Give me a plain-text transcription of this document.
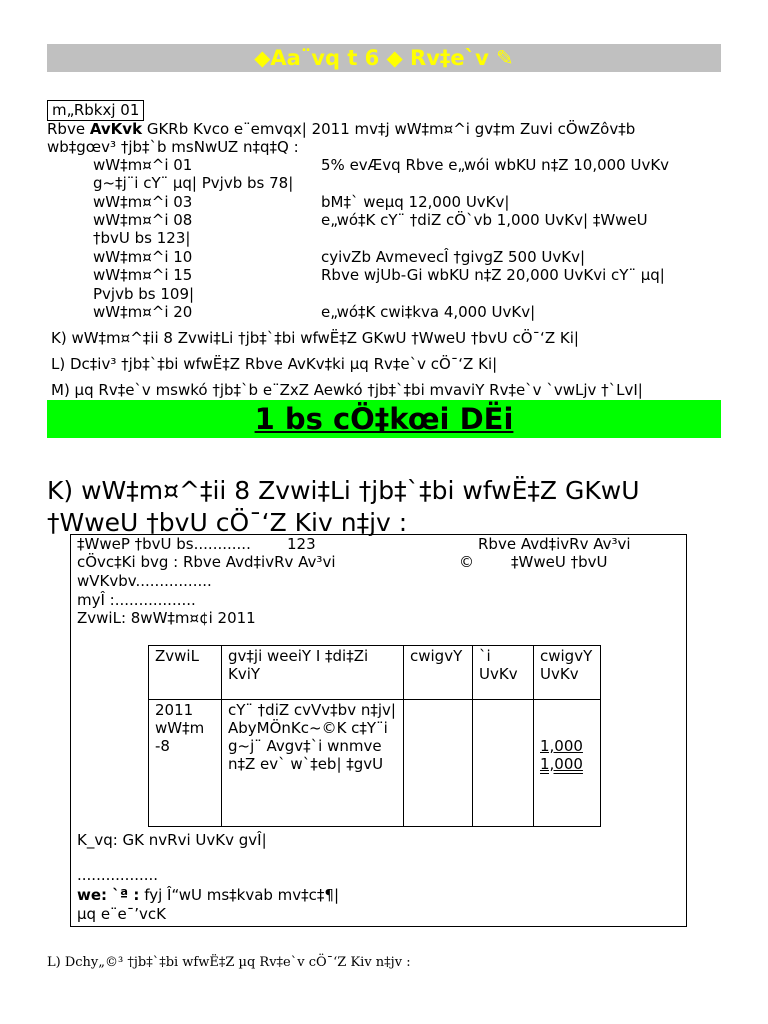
◆Aa¨vq t 6 ◆ Rv‡e`v ✎
m„Rbkxj 01
Rbve AvKvk GKRb Kvco e¨emvqx| 2011 mv‡j wW‡m¤^i gv‡m Zuvi cÖwZôv‡b
wb‡gœv³ †jb‡`b msNwUZ n‡q‡Q :
wW‡m¤^i 01	5% evÆvq Rbve e„wói wbKU n‡Z 10,000 UvKv
g~‡j¨i cY¨ µq| Pvjvb bs 78|
wW‡m¤^i 03	bM‡` weµq 12,000 UvKv|
wW‡m¤^i 08	e„wó‡K cY¨ †diZ cÖ`vb 1,000 UvKv| ‡WweU
†bvU bs 123|
wW‡m¤^i 10	cyivZb AvmevecÎ †givgZ 500 UvKv|
wW‡m¤^i 15	Rbve wjUb-Gi wbKU n‡Z 20,000 UvKvi cY¨ µq|
Pvjvb bs 109|
wW‡m¤^i 20	e„wó‡K cwi‡kva 4,000 UvKv|
K) wW‡m¤^‡ii 8 Zvwi‡Li †jb‡`‡bi wfwË‡Z GKwU †WweU †bvU cÖ¯‘Z Ki|
L) Dc‡iv³ †jb‡`‡bi wfwË‡Z Rbve AvKv‡ki µq Rv‡e`v cÖ¯‘Z Ki|
M) µq Rv‡e`v mswkó †jb‡`b e¨ZxZ Aewkó †jb‡`‡bi mvaviY Rv‡e`v `vwLjv †`LvI|
1 bs cÖ‡kœi DËi
K) wW‡m¤^‡ii 8 Zvwi‡Li †jb‡`‡bi wfwË‡Z GKwU
†WweU †bvU cÖ¯‘Z Kiv n‡jv :
‡WweP †bvU bs............ 123	Rbve Avd‡ivRv Av³vi
cÖvc‡Ki bvg : Rbve Avd‡ivRv Av³vi	© ‡WweU †bvU
wVKvbv................
myÎ :.................
ZvwiL: 8wW‡m¤¢i 2011
ZvwiL	gv‡ji weeiY I ‡di‡Zi KviY	cwigvY	`i UvKv	cwigvY UvKv
2011 wW‡m -8	cY¨ †diZ cvVv‡bv n‡jv| AbyMÖnKc~©K c‡Y¨i g~j¨ Avgv‡`i wnmve n‡Z ev` w`‡eb| ‡gvU			1,000
1,000
K_vq: GK nvRvi UvKv gvÎ|
.................
we: `ª : fyj Î“wU ms‡kvab mv‡c‡¶|
µq e¨e¯’vcK
L) Dchy„©³ †jb‡`‡bi wfwË‡Z µq Rv‡e`v cÖ¯‘Z Kiv n‡jv :
